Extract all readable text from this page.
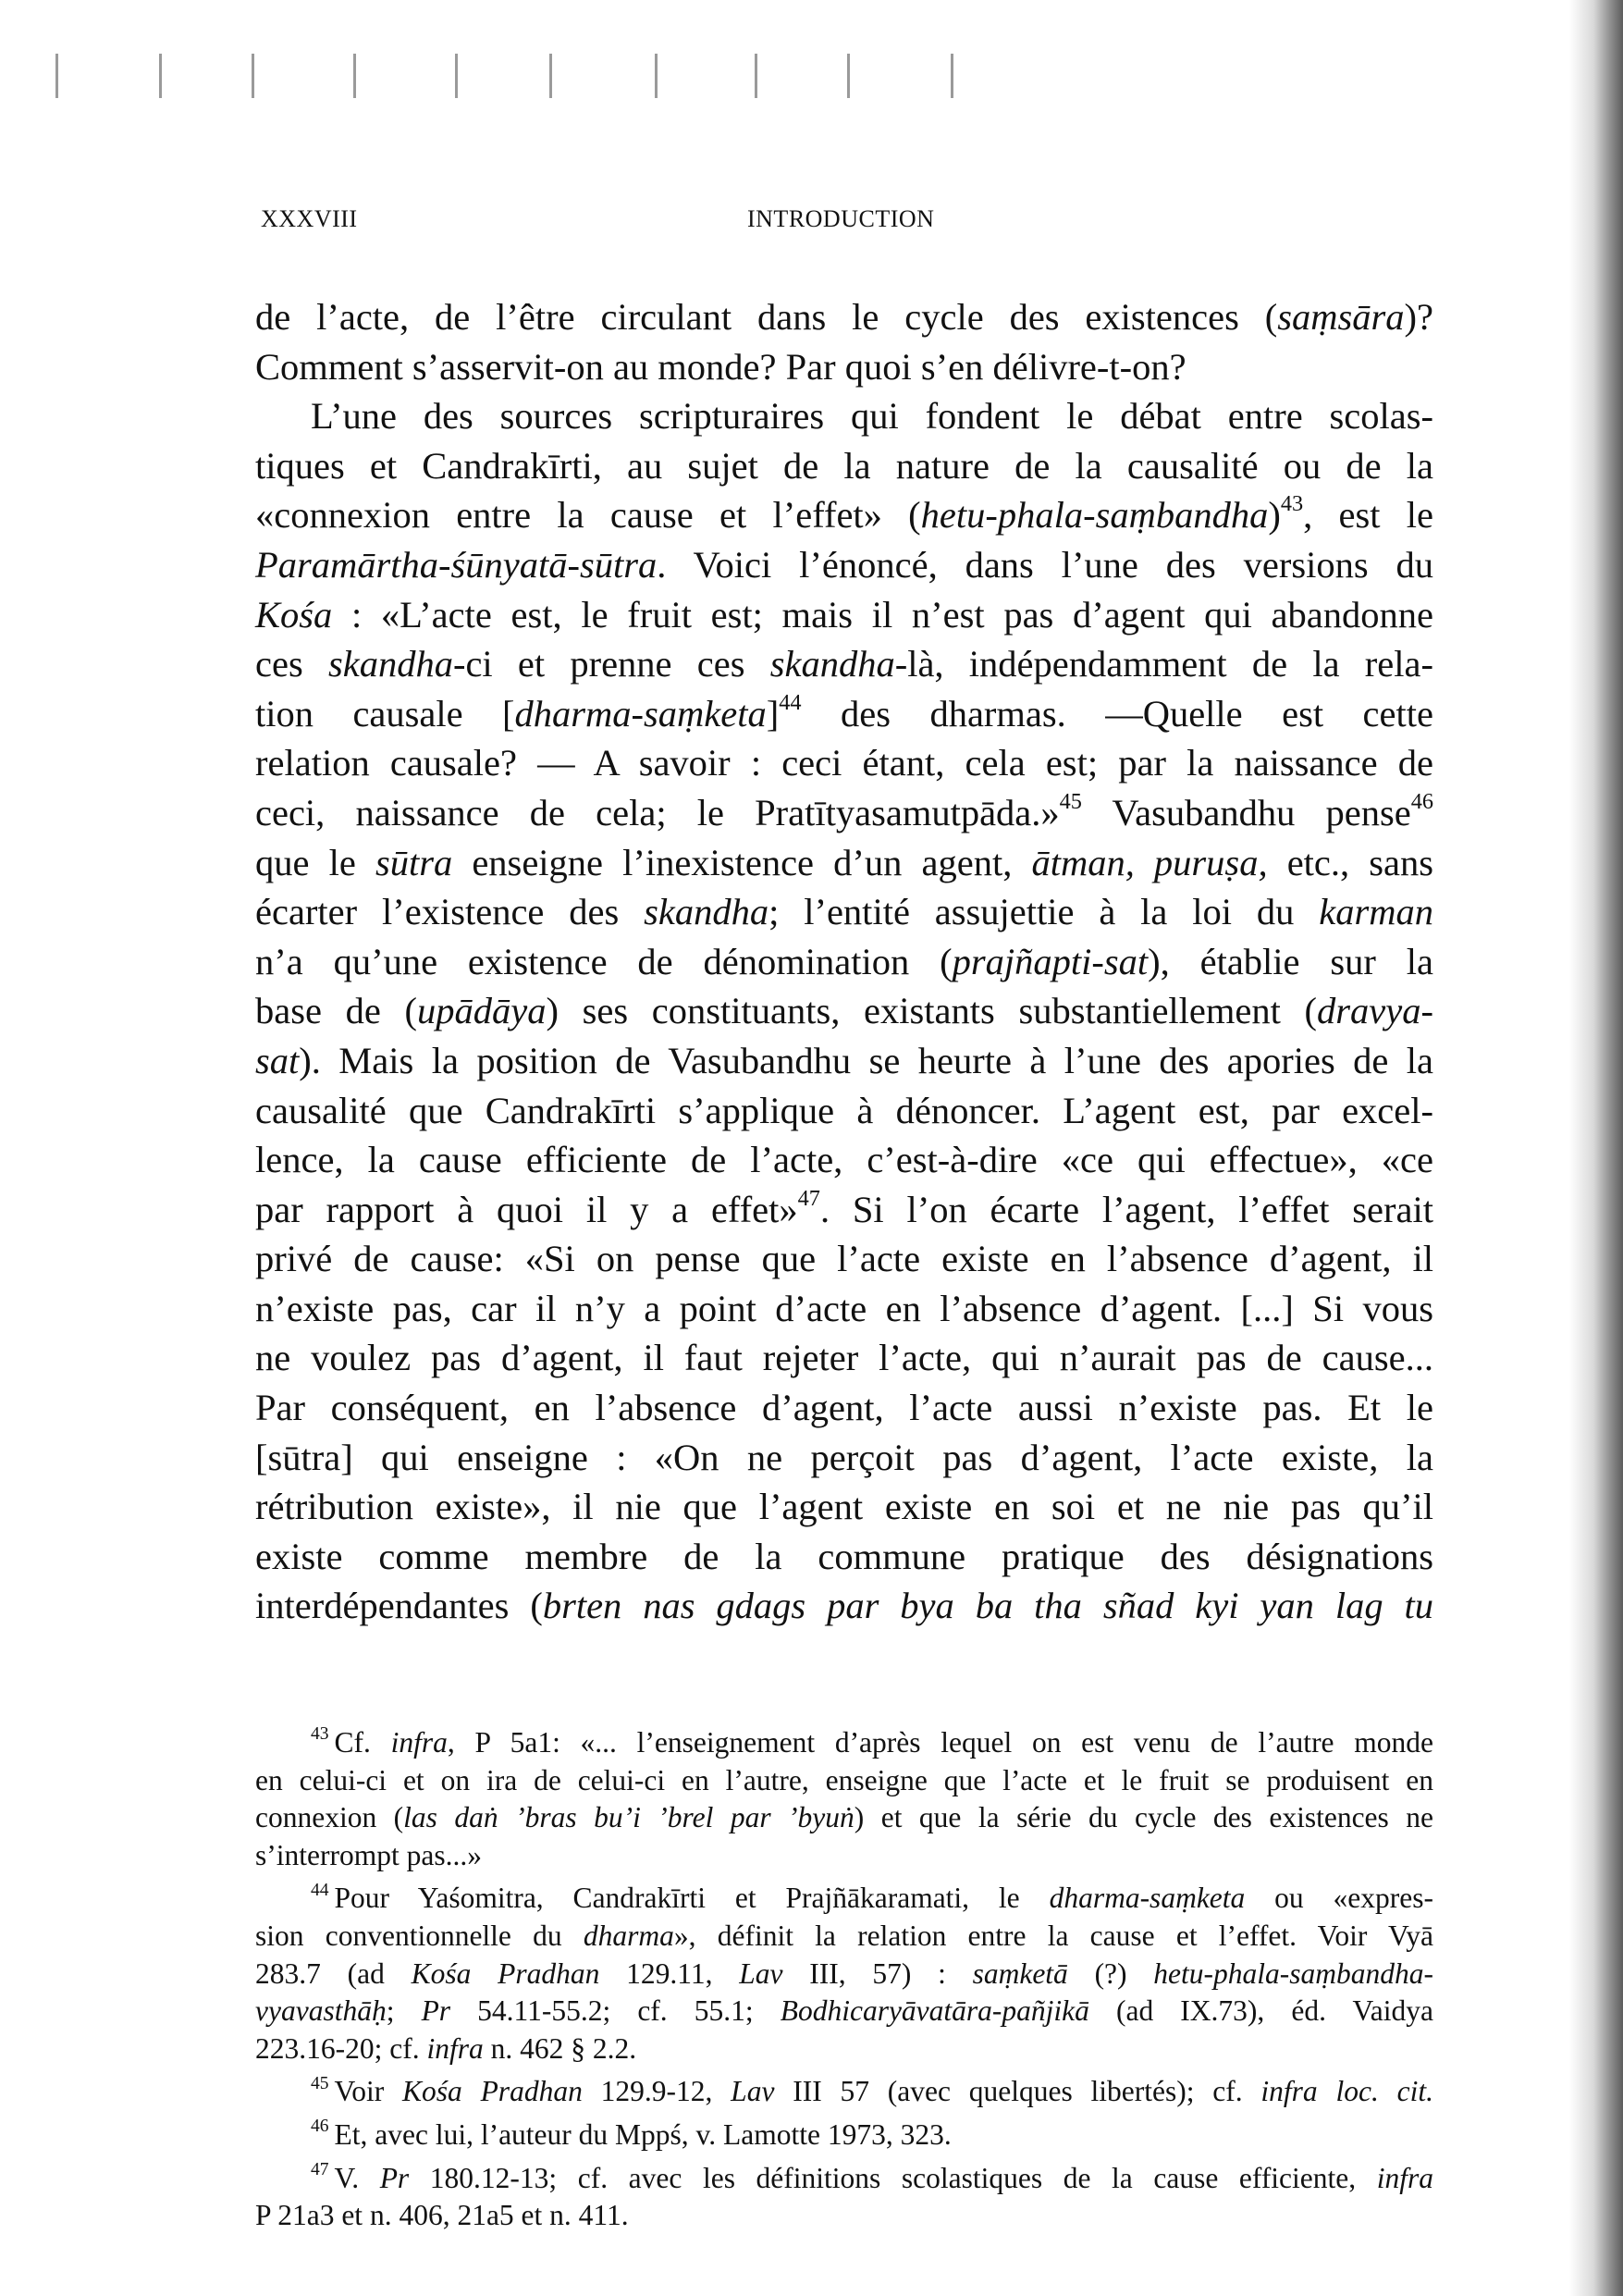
XXXVIII	INTRODUCTION
de l’acte, de l’être circulant dans le cycle des existences (saṃsāra)?
Comment s’asservit-on au monde? Par quoi s’en délivre-t-on?
L’une des sources scripturaires qui fondent le débat entre scolas-
tiques et Candrakīrti, au sujet de la nature de la causalité ou de la
«connexion entre la cause et l’effet» (hetu-phala-saṃbandha)$^{43}$, est le
Paramārtha-śūnyatā-sūtra. Voici l’énoncé, dans l’une des versions du
Kośa : «L’acte est, le fruit est; mais il n’est pas d’agent qui abandonne
ces skandha-ci et prenne ces skandha-là, indépendamment de la rela-
tion causale [dharma-saṃketa]$^{44}$ des dharmas. —Quelle est cette
relation causale? — A savoir : ceci étant, cela est; par la naissance de
ceci, naissance de cela; le Pratītyasamutpāda.»$^{45}$ Vasubandhu pense$^{46}$
que le sūtra enseigne l’inexistence d’un agent, ātman, puruṣa, etc., sans
écarter l’existence des skandha; l’entité assujettie à la loi du karman
n’a qu’une existence de dénomination (prajñapti-sat), établie sur la
base de (upādāya) ses constituants, existants substantiellement (dravya-
sat). Mais la position de Vasubandhu se heurte à l’une des apories de la
causalité que Candrakīrti s’applique à dénoncer. L’agent est, par excel-
lence, la cause efficiente de l’acte, c’est-à-dire «ce qui effectue», «ce
par rapport à quoi il y a effet»$^{47}$. Si l’on écarte l’agent, l’effet serait
privé de cause: «Si on pense que l’acte existe en l’absence d’agent, il
n’existe pas, car il n’y a point d’acte en l’absence d’agent. [...] Si vous
ne voulez pas d’agent, il faut rejeter l’acte, qui n’aurait pas de cause...
Par conséquent, en l’absence d’agent, l’acte aussi n’existe pas. Et le
[sūtra] qui enseigne : «On ne perçoit pas d’agent, l’acte existe, la
rétribution existe», il nie que l’agent existe en soi et ne nie pas qu’il
existe comme membre de la commune pratique des désignations
interdépendantes (brten nas gdags par bya ba tha sñad kyi yan lag tu
$^{43}$ Cf. infra, P 5a1: «... l’enseignement d’après lequel on est venu de l’autre monde
en celui-ci et on ira de celui-ci en l’autre, enseigne que l’acte et le fruit se produisent en
connexion (las daṅ ’bras bu’i ’brel par ’byuṅ) et que la série du cycle des existences ne
s’interrompt pas...»
$^{44}$ Pour Yaśomitra, Candrakīrti et Prajñākaramati, le dharma-saṃketa ou «expres-
sion conventionnelle du dharma», définit la relation entre la cause et l’effet. Voir Vyā
283.7 (ad Kośa Pradhan 129.11, Lav III, 57) : saṃketā (?) hetu-phala-saṃbandha-
vyavasthāḥ; Pr 54.11-55.2; cf. 55.1; Bodhicaryāvatāra-pañjikā (ad IX.73), éd. Vaidya
223.16-20; cf. infra n. 462 § 2.2.
$^{45}$ Voir Kośa Pradhan 129.9-12, Lav III 57 (avec quelques libertés); cf. infra loc. cit.
$^{46}$ Et, avec lui, l’auteur du Mppś, v. Lamotte 1973, 323.
$^{47}$ V. Pr 180.12-13; cf. avec les définitions scolastiques de la cause efficiente, infra
P 21a3 et n. 406, 21a5 et n. 411.
